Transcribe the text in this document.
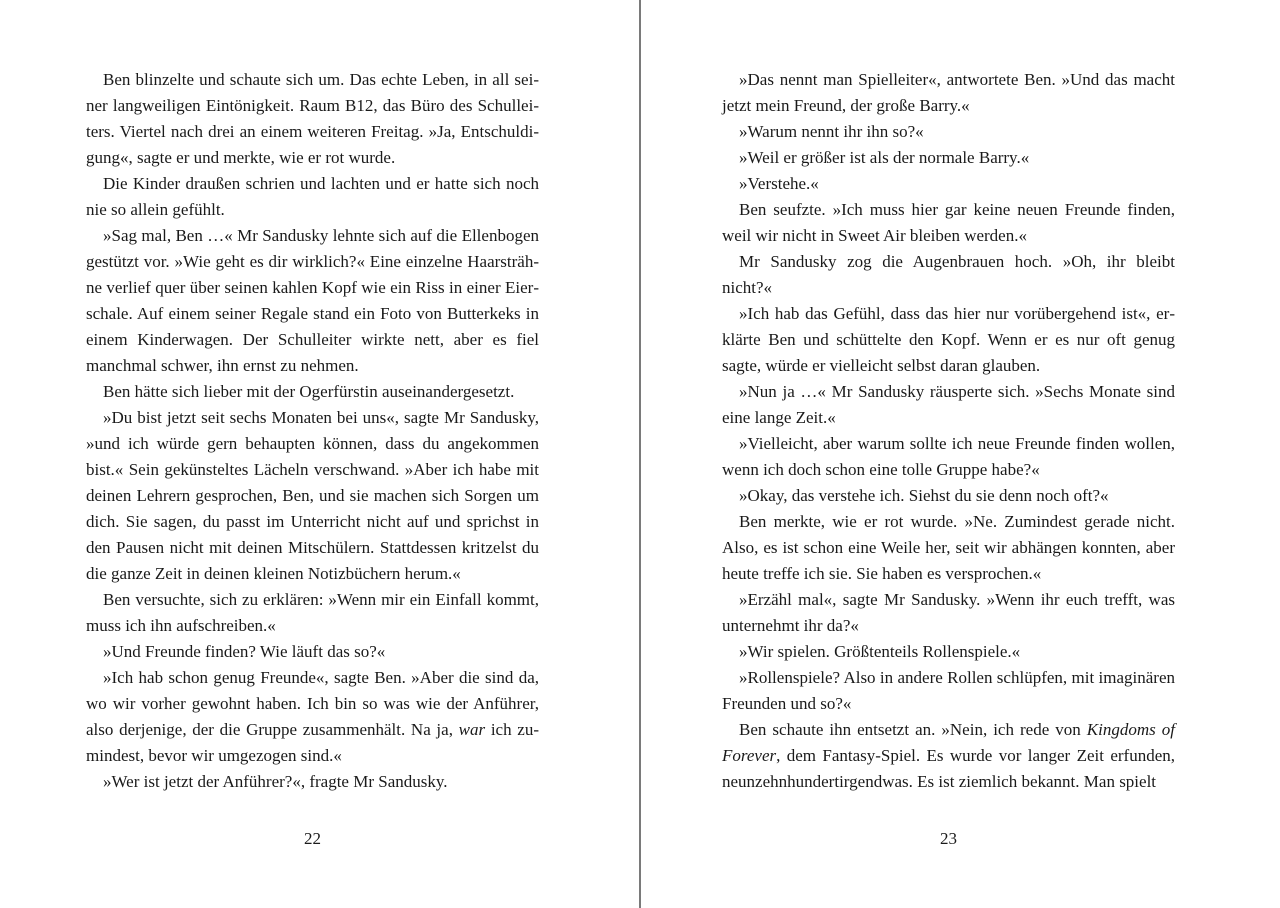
Ben blinzelte und schaute sich um. Das echte Leben, in all seiner langweiligen Eintönigkeit. Raum B12, das Büro des Schulleiters. Viertel nach drei an einem weiteren Freitag. »Ja, Entschuldigung«, sagte er und merkte, wie er rot wurde.

Die Kinder draußen schrien und lachten und er hatte sich noch nie so allein gefühlt.

»Sag mal, Ben …« Mr Sandusky lehnte sich auf die Ellenbogen gestützt vor. »Wie geht es dir wirklich?« Eine einzelne Haarsträhne verlief quer über seinen kahlen Kopf wie ein Riss in einer Eierschale. Auf einem seiner Regale stand ein Foto von Butterkeks in einem Kinderwagen. Der Schulleiter wirkte nett, aber es fiel manchmal schwer, ihn ernst zu nehmen.

Ben hätte sich lieber mit der Ogerfürstin auseinandergesetzt.

»Du bist jetzt seit sechs Monaten bei uns«, sagte Mr Sandusky, »und ich würde gern behaupten können, dass du angekommen bist.« Sein gekünsteltes Lächeln verschwand. »Aber ich habe mit deinen Lehrern gesprochen, Ben, und sie machen sich Sorgen um dich. Sie sagen, du passt im Unterricht nicht auf und sprichst in den Pausen nicht mit deinen Mitschülern. Stattdessen kritzelst du die ganze Zeit in deinen kleinen Notizbüchern herum.«

Ben versuchte, sich zu erklären: »Wenn mir ein Einfall kommt, muss ich ihn aufschreiben.«

»Und Freunde finden? Wie läuft das so?«

»Ich hab schon genug Freunde«, sagte Ben. »Aber die sind da, wo wir vorher gewohnt haben. Ich bin so was wie der Anführer, also derjenige, der die Gruppe zusammenhält. Na ja, war ich zumindest, bevor wir umgezogen sind.«

»Wer ist jetzt der Anführer?«, fragte Mr Sandusky.

22

»Das nennt man Spielleiter«, antwortete Ben. »Und das macht jetzt mein Freund, der große Barry.«

»Warum nennt ihr ihn so?«

»Weil er größer ist als der normale Barry.«

»Verstehe.«

Ben seufzte. »Ich muss hier gar keine neuen Freunde finden, weil wir nicht in Sweet Air bleiben werden.«

Mr Sandusky zog die Augenbrauen hoch. »Oh, ihr bleibt nicht?«

»Ich hab das Gefühl, dass das hier nur vorübergehend ist«, erklärte Ben und schüttelte den Kopf. Wenn er es nur oft genug sagte, würde er vielleicht selbst daran glauben.

»Nun ja …« Mr Sandusky räusperte sich. »Sechs Monate sind eine lange Zeit.«

»Vielleicht, aber warum sollte ich neue Freunde finden wollen, wenn ich doch schon eine tolle Gruppe habe?«

»Okay, das verstehe ich. Siehst du sie denn noch oft?«

Ben merkte, wie er rot wurde. »Ne. Zumindest gerade nicht. Also, es ist schon eine Weile her, seit wir abhängen konnten, aber heute treffe ich sie. Sie haben es versprochen.«

»Erzähl mal«, sagte Mr Sandusky. »Wenn ihr euch trefft, was unternehmt ihr da?«

»Wir spielen. Größtenteils Rollenspiele.«

»Rollenspiele? Also in andere Rollen schlüpfen, mit imaginären Freunden und so?«

Ben schaute ihn entsetzt an. »Nein, ich rede von Kingdoms of Forever, dem Fantasy-Spiel. Es wurde vor langer Zeit erfunden, neunzehnhundertirgendwas. Es ist ziemlich bekannt. Man spielt

23
